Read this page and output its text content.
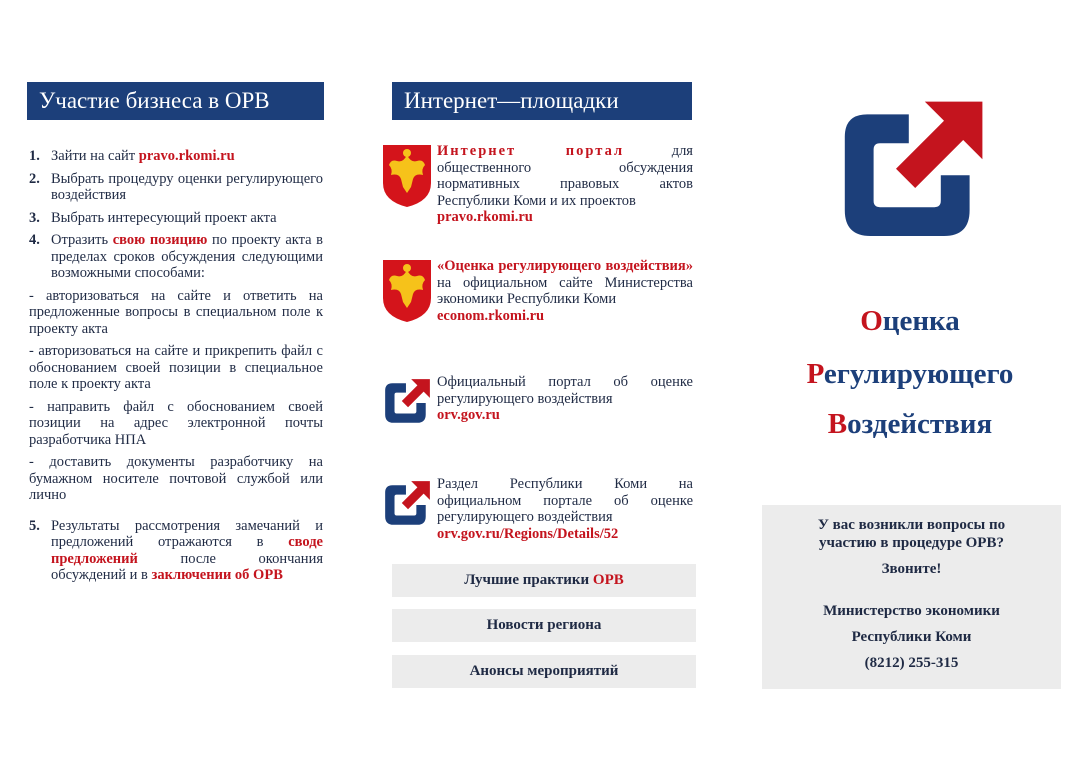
Участие бизнеса в ОРВ
1. Зайти на сайт pravo.rkomi.ru
2. Выбрать процедуру оценки регулирующего воздействия
3. Выбрать интересующий проект акта
4. Отразить свою позицию по проекту акта в пределах сроков обсуждения следующими возможными способами:
- авторизоваться на сайте и ответить на предложенные вопросы в специальном поле к проекту акта
- авторизоваться на сайте и прикрепить файл с обоснованием своей позиции в специальное поле к проекту акта
- направить файл с обоснованием своей позиции на адрес электронной почты разработчика НПА
- доставить документы разработчику на бумажном носителе почтовой службой или лично
5. Результаты рассмотрения замечаний и предложений отражаются в своде предложений после окончания обсуждений и в заключении об ОРВ
Интернет—площадки
Интернет портал для общественного обсуждения нормативных правовых актов Республики Коми и их проектов
pravo.rkomi.ru
«Оценка регулирующего воздействия» на официальном сайте Министерства экономики Республики Коми
econom.rkomi.ru
Официальный портал об оценке регулирующего воздействия
orv.gov.ru
Раздел Республики Коми на официальном портале об оценке регулирующего воздействия
orv.gov.ru/Regions/Details/52
Лучшие практики ОРВ
Новости региона
Анонсы мероприятий
Оценка
Регулирующего
Воздействия
У вас возникли вопросы по
участию в процедуре ОРВ?
Звоните!
Министерство экономики
Республики Коми
(8212) 255-315
